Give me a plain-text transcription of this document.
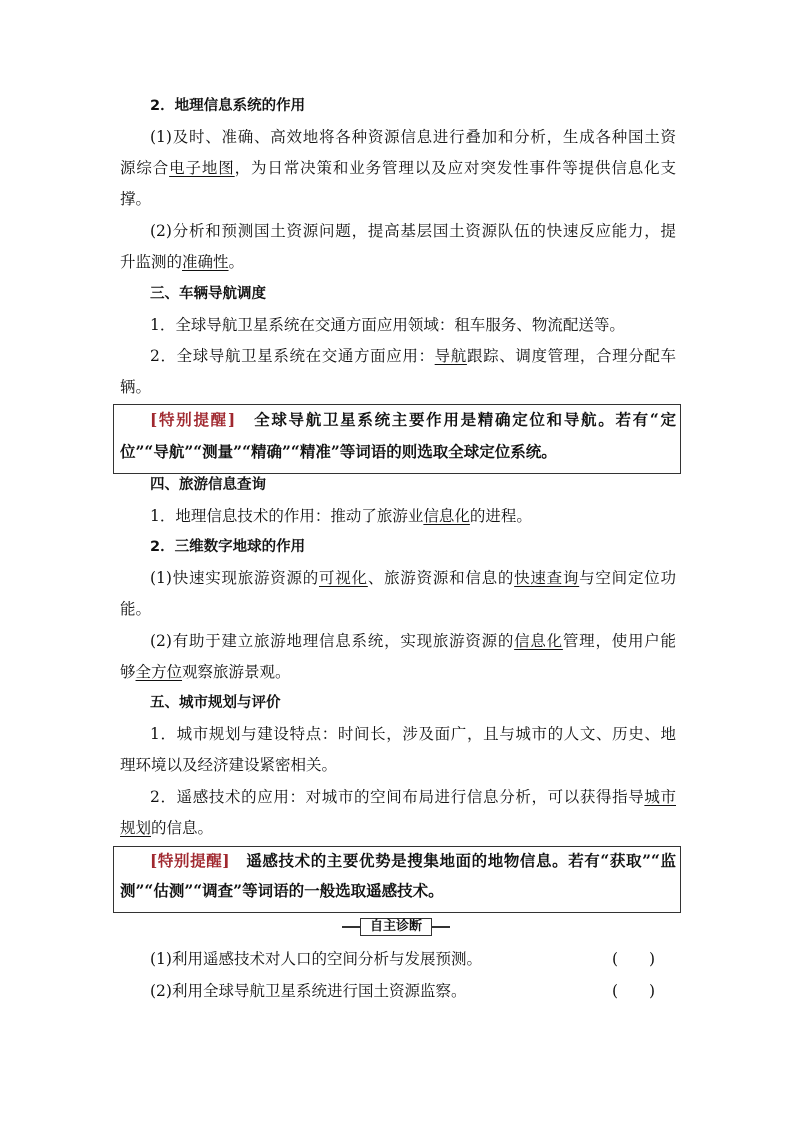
2．地理信息系统的作用
(1)及时、准确、高效地将各种资源信息进行叠加和分析，生成各种国土资
源综合电子地图，为日常决策和业务管理以及应对突发性事件等提供信息化支
撑。
(2)分析和预测国土资源问题，提高基层国土资源队伍的快速反应能力，提
升监测的准确性。
三、车辆导航调度
1．全球导航卫星系统在交通方面应用领域：租车服务、物流配送等。
2．全球导航卫星系统在交通方面应用：导航跟踪、调度管理，合理分配车
辆。
[特别提醒]　全球导航卫星系统主要作用是精确定位和导航。若有“定
位”“导航”“测量”“精确”“精准”等词语的则选取全球定位系统。
四、旅游信息查询
1．地理信息技术的作用：推动了旅游业信息化的进程。
2．三维数字地球的作用
(1)快速实现旅游资源的可视化、旅游资源和信息的快速查询与空间定位功
能。
(2)有助于建立旅游地理信息系统，实现旅游资源的信息化管理，使用户能
够全方位观察旅游景观。
五、城市规划与评价
1．城市规划与建设特点：时间长，涉及面广，且与城市的人文、历史、地
理环境以及经济建设紧密相关。
2．遥感技术的应用：对城市的空间布局进行信息分析，可以获得指导城市
规划的信息。
[特别提醒]　遥感技术的主要优势是搜集地面的地物信息。若有“获取”“监
测”“估测”“调查”等词语的一般选取遥感技术。
自主诊断
(1)利用遥感技术对人口的空间分析与发展预测。	(　　)
(2)利用全球导航卫星系统进行国土资源监察。	(　　)
